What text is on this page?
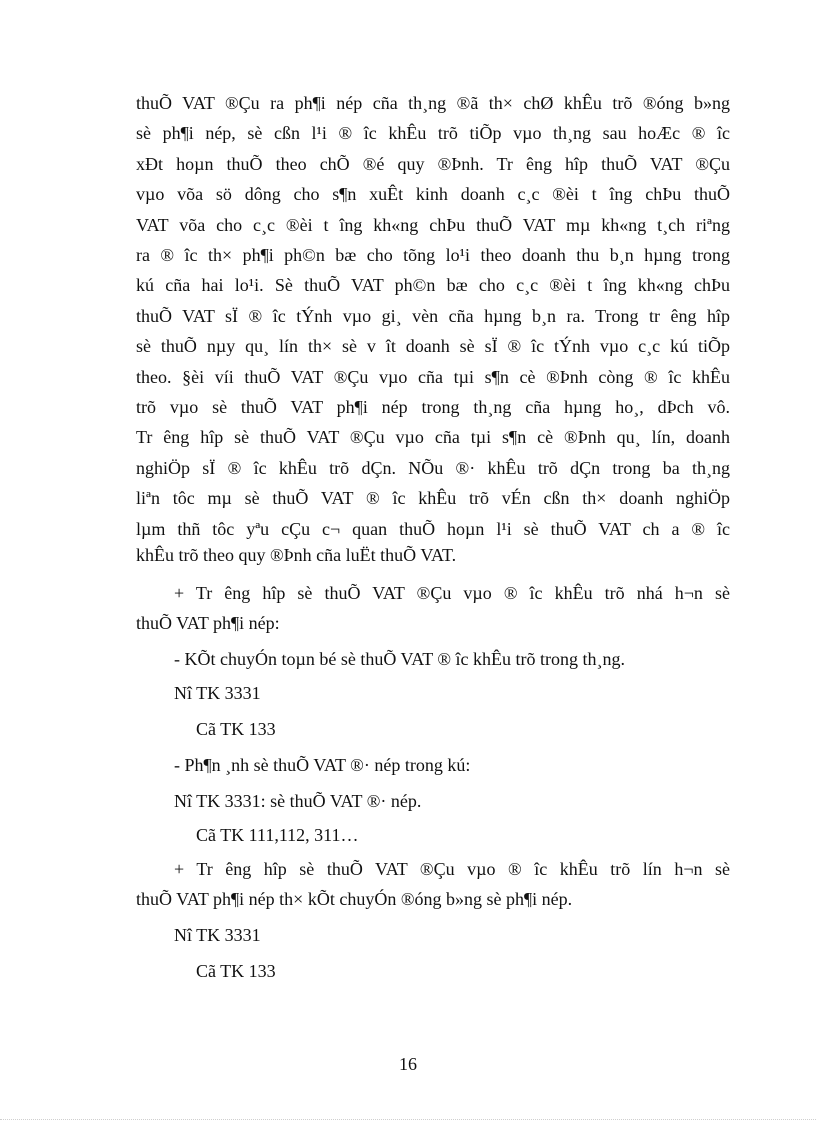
thuÕ VAT ®Çu ra ph¶i nép cña th¸ng ®ã th× chØ khÊu trõ ®óng b»ng
sè ph¶i nép, sè cßn l¹i ® îc khÊu trõ tiÕp vµo th¸ng sau hoÆc ® îc
xÐt hoµn thuÕ theo chÕ ®é quy ®Þnh. Tr êng hîp thuÕ VAT ®Çu
vµo võa sö dông cho s¶n xuÊt kinh doanh c¸c ®èi t îng chÞu thuÕ
VAT võa cho c¸c ®èi t îng kh«ng chÞu thuÕ VAT mµ kh«ng t¸ch riªng
ra ® îc th× ph¶i ph©n bæ cho tõng lo¹i theo doanh thu b¸n hµng trong
kú cña hai lo¹i. Sè thuÕ VAT ph©n bæ cho c¸c ®èi t îng kh«ng chÞu
thuÕ VAT sÏ ® îc tÝnh vµo gi¸ vèn cña hµng b¸n ra. Trong tr êng hîp
sè thuÕ nµy qu¸ lín th× sè v ît doanh sè sÏ ® îc tÝnh vµo c¸c kú tiÕp
theo. §èi víi thuÕ VAT ®Çu vµo cña tµi s¶n cè ®Þnh còng ® îc khÊu
trõ vµo sè thuÕ VAT ph¶i nép trong th¸ng cña hµng ho¸, dÞch vô.
Tr êng hîp sè thuÕ VAT ®Çu vµo cña tµi s¶n cè ®Þnh qu¸ lín, doanh
nghiÖp sÏ ® îc khÊu trõ dÇn. NÕu ®· khÊu trõ dÇn trong ba th¸ng
liªn tôc mµ sè thuÕ VAT ® îc khÊu trõ vÉn cßn th× doanh nghiÖp
lµm thñ tôc yªu cÇu c¬ quan thuÕ hoµn l¹i sè thuÕ VAT ch a ® îc

khÊu trõ theo quy ®Þnh cña luËt thuÕ VAT.

+ Tr êng hîp sè thuÕ VAT ®Çu vµo ® îc khÊu trõ nhá h¬n sè

thuÕ VAT ph¶i nép:

- KÕt chuyÓn toµn bé sè thuÕ VAT ® îc khÊu trõ trong th¸ng.

Nî TK 3331

Cã TK 133

- Ph¶n ¸nh sè thuÕ VAT ®· nép trong kú:

Nî TK 3331: sè thuÕ VAT ®· nép.

Cã TK 111,112, 311…

+ Tr êng hîp sè thuÕ VAT ®Çu vµo ® îc khÊu trõ lín h¬n sè

thuÕ VAT ph¶i nép th× kÕt chuyÓn ®óng b»ng sè ph¶i nép.

Nî TK 3331

Cã TK 133

16
